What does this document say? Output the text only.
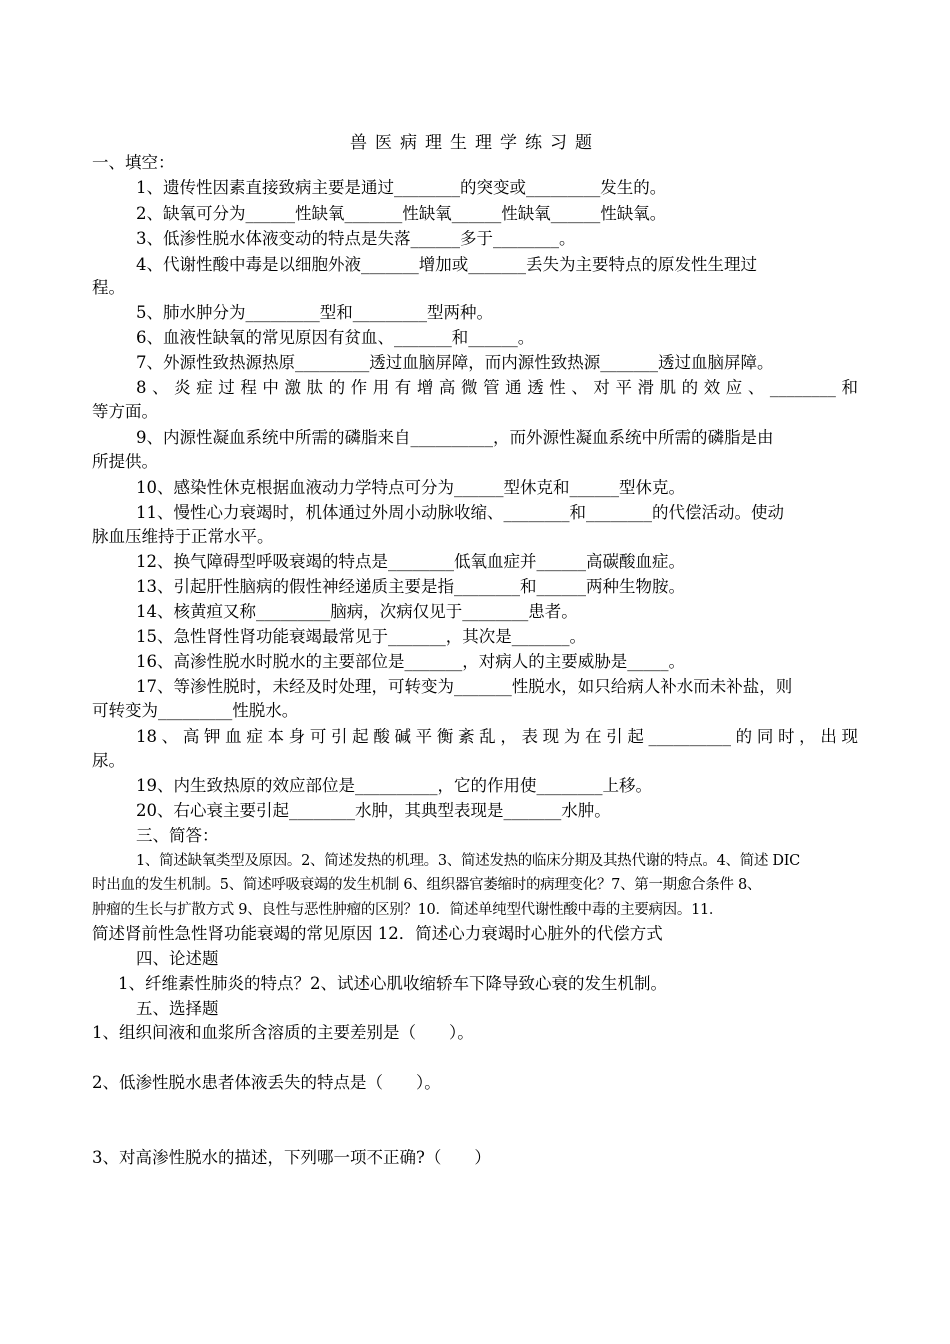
兽医病理生理学练习题
一、填空：
1、遗传性因素直接致病主要是通过________的突变或_________发生的。
2、缺氧可分为______性缺氧_______性缺氧______性缺氧______性缺氧。
3、低渗性脱水体液变动的特点是失落______多于________。
4、代谢性酸中毒是以细胞外液_______增加或_______丢失为主要特点的原发性生理过
程。
5、肺水肿分为_________型和_________型两种。
6、血液性缺氧的常见原因有贫血、_______和______。
7、外源性致热源热原_________透过血脑屏障，而内源性致热源_______透过血脑屏障。
8、炎症过程中激肽的作用有增高微管通透性、对平滑肌的效应、________和
等方面。
9、内源性凝血系统中所需的磷脂来自__________，而外源性凝血系统中所需的磷脂是由
所提供。
10、感染性休克根据血液动力学特点可分为______型休克和______型休克。
11、慢性心力衰竭时，机体通过外周小动脉收缩、________和________的代偿活动。使动
脉血压维持于正常水平。
12、换气障碍型呼吸衰竭的特点是________低氧血症并______高碳酸血症。
13、引起肝性脑病的假性神经递质主要是指________和______两种生物胺。
14、核黄疸又称_________脑病，次病仅见于________患者。
15、急性肾性肾功能衰竭最常见于_______，其次是_______。
16、高渗性脱水时脱水的主要部位是_______，对病人的主要威胁是_____。
17、等渗性脱时，未经及时处理，可转变为_______性脱水，如只给病人补水而未补盐，则
可转变为_________性脱水。
18、高钾血症本身可引起酸碱平衡紊乱，表现为在引起__________的同时，出现
尿。
19、内生致热原的效应部位是__________，它的作用使________上移。
20、右心衰主要引起________水肿，其典型表现是_______水肿。
三、简答：
1、简述缺氧类型及原因。2、简述发热的机理。3、简述发热的临床分期及其热代谢的特点。4、简述 DIC
时出血的发生机制。5、简述呼吸衰竭的发生机制 6、组织器官萎缩时的病理变化？7、第一期愈合条件 8、
肿瘤的生长与扩散方式 9、良性与恶性肿瘤的区别？10．简述单纯型代谢性酸中毒的主要病因。11．
简述肾前性急性肾功能衰竭的常见原因 12．简述心力衰竭时心脏外的代偿方式
四、论述题
1、纤维素性肺炎的特点？2、试述心肌收缩轿车下降导致心衰的发生机制。
五、选择题
1、组织间液和血浆所含溶质的主要差别是（　　）。
2、低渗性脱水患者体液丢失的特点是（　　）。
3、对高渗性脱水的描述，下列哪一项不正确?（　　）
